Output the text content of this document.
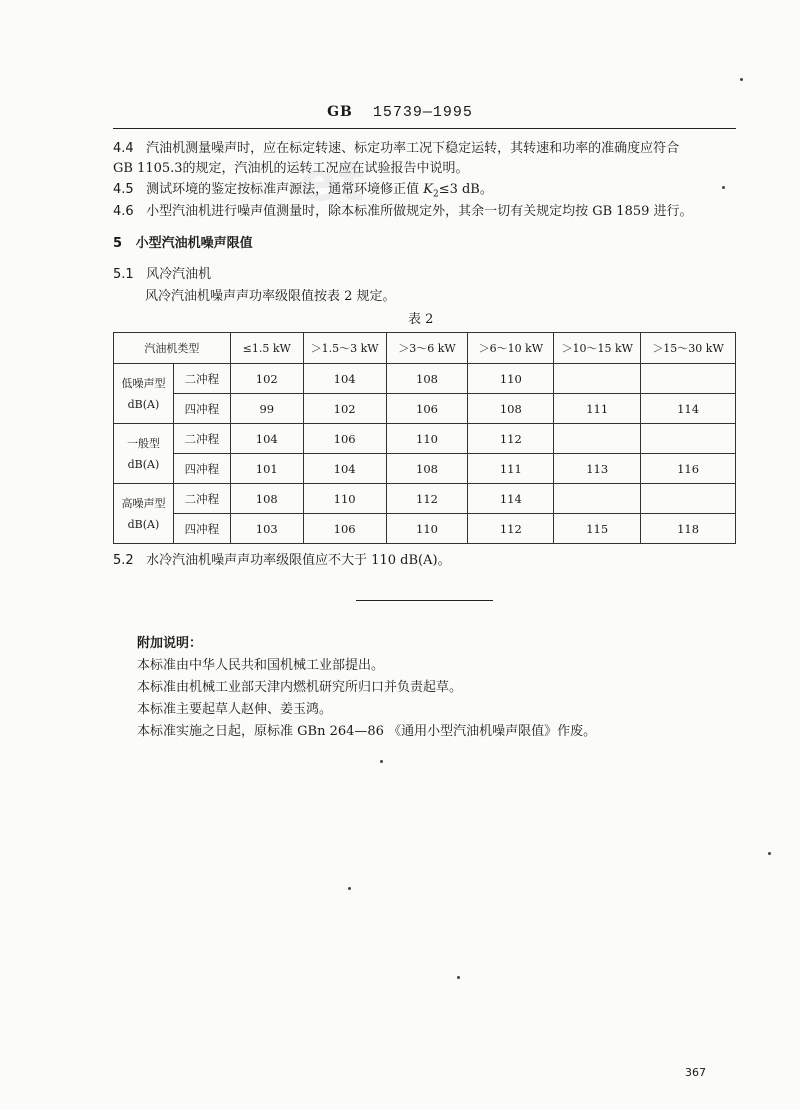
et
GB 15739—1995
4.4 汽油机测量噪声时，应在标定转速、标定功率工况下稳定运转，其转速和功率的准确度应符合
GB 1105.3的规定，汽油机的运转工况应在试验报告中说明。
4.5 测试环境的鉴定按标准声源法，通常环境修正值 $K_2\le 3$ dB。
4.6 小型汽油机进行噪声值测量时，除本标准所做规定外，其余一切有关规定均按 GB 1859 进行。
5 小型汽油机噪声限值
5.1 风冷汽油机
风冷汽油机噪声声功率级限值按表 2 规定。
表 2
汽油机类型		≤1.5 kW	＞1.5～3 kW	＞3～6 kW	＞6～10 kW	＞10～15 kW	＞15～30 kW
低噪声型
dB(A)	二冲程	102	104	108	110		
	四冲程	99	102	106	108	111	114
一般型
dB(A)	二冲程	104	106	110	112		
	四冲程	101	104	108	111	113	116
高噪声型
dB(A)	二冲程	108	110	112	114		
	四冲程	103	106	110	112	115	118
5.2 水冷汽油机噪声声功率级限值应不大于 110 dB(A)。
附加说明：
本标准由中华人民共和国机械工业部提出。
本标准由机械工业部天津内燃机研究所归口并负责起草。
本标准主要起草人赵伸、姜玉鸿。
本标准实施之日起，原标准 GBn 264—86 《通用小型汽油机噪声限值》作废。
367
